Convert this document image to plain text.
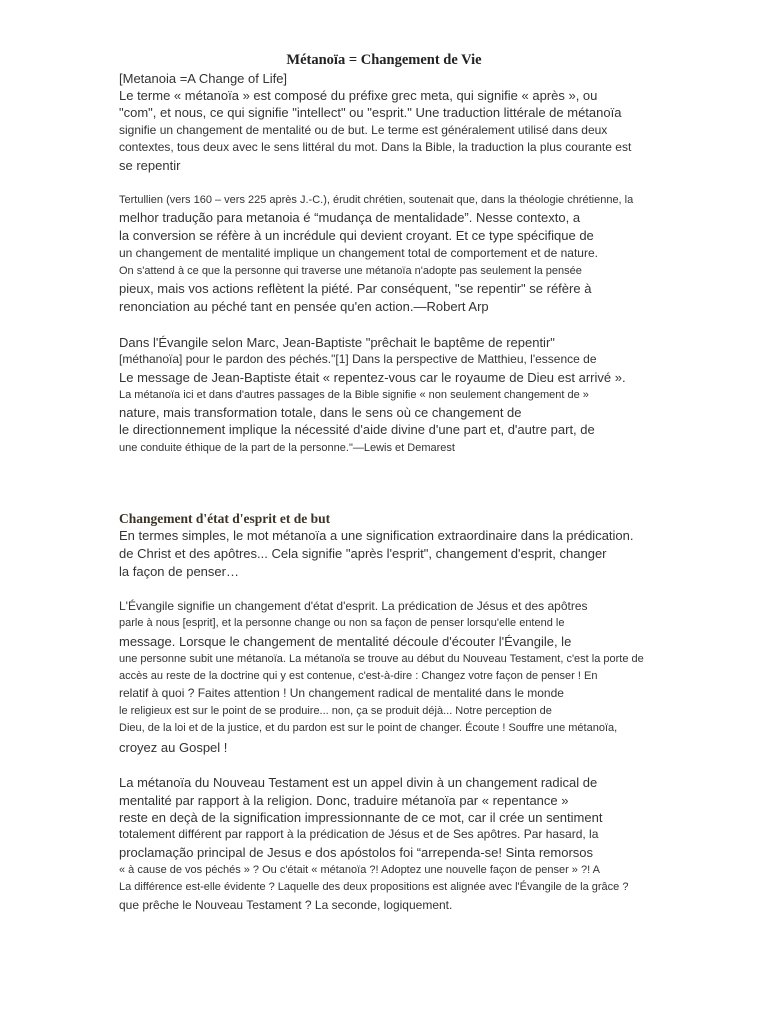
Métanoïa = Changement de Vie
[Metanoia =A Change of Life]
Le terme « métanoïa » est composé du préfixe grec meta, qui signifie « après », ou
"com", et nous, ce qui signifie "intellect" ou "esprit." Une traduction littérale de métanoïa
signifie un changement de mentalité ou de but. Le terme est généralement utilisé dans deux
contextes, tous deux avec le sens littéral du mot. Dans la Bible, la traduction la plus courante est
se repentir
Tertullien (vers 160 – vers 225 après J.-C.), érudit chrétien, soutenait que, dans la théologie chrétienne, la
melhor tradução para metanoia é “mudança de mentalidade”. Nesse contexto, a
la conversion se réfère à un incrédule qui devient croyant. Et ce type spécifique de
un changement de mentalité implique un changement total de comportement et de nature.
On s'attend à ce que la personne qui traverse une métanoïa n'adopte pas seulement la pensée
pieux, mais vos actions reflètent la piété. Par conséquent, "se repentir" se réfère à
renonciation au péché tant en pensée qu'en action.—Robert Arp
Dans l'Évangile selon Marc, Jean-Baptiste "prêchait le baptême de repentir"
[méthanoïa] pour le pardon des péchés."[1] Dans la perspective de Matthieu, l'essence de
Le message de Jean-Baptiste était « repentez-vous car le royaume de Dieu est arrivé ».
La métanoïa ici et dans d'autres passages de la Bible signifie « non seulement changement de »
nature, mais transformation totale, dans le sens où ce changement de
le directionnement implique la nécessité d'aide divine d'une part et, d'autre part, de
une conduite éthique de la part de la personne."—Lewis et Demarest
Changement d'état d'esprit et de but
En termes simples, le mot métanoïa a une signification extraordinaire dans la prédication.
de Christ et des apôtres... Cela signifie "après l'esprit", changement d'esprit, changer
la façon de penser…
L'Évangile signifie un changement d'état d'esprit. La prédication de Jésus et des apôtres
parle à nous [esprit], et la personne change ou non sa façon de penser lorsqu'elle entend le
message. Lorsque le changement de mentalité découle d'écouter l'Évangile, le
une personne subit une métanoïa. La métanoïa se trouve au début du Nouveau Testament, c'est la porte de
accès au reste de la doctrine qui y est contenue, c'est-à-dire : Changez votre façon de penser ! En
relatif à quoi ? Faites attention ! Un changement radical de mentalité dans le monde
le religieux est sur le point de se produire... non, ça se produit déjà... Notre perception de
Dieu, de la loi et de la justice, et du pardon est sur le point de changer. Écoute ! Souffre une métanoïa,
croyez au Gospel !
La métanoïa du Nouveau Testament est un appel divin à un changement radical de
mentalité par rapport à la religion. Donc, traduire métanoïa par « repentance »
reste en deçà de la signification impressionnante de ce mot, car il crée un sentiment
totalement différent par rapport à la prédication de Jésus et de Ses apôtres. Par hasard, la
proclamação principal de Jesus e dos apóstolos foi “arrependa-se! Sinta remorsos
« à cause de vos péchés » ? Ou c'était « métanoïa ?! Adoptez une nouvelle façon de penser » ?! A
La différence est-elle évidente ? Laquelle des deux propositions est alignée avec l'Évangile de la grâce ?
que prêche le Nouveau Testament ? La seconde, logiquement.
